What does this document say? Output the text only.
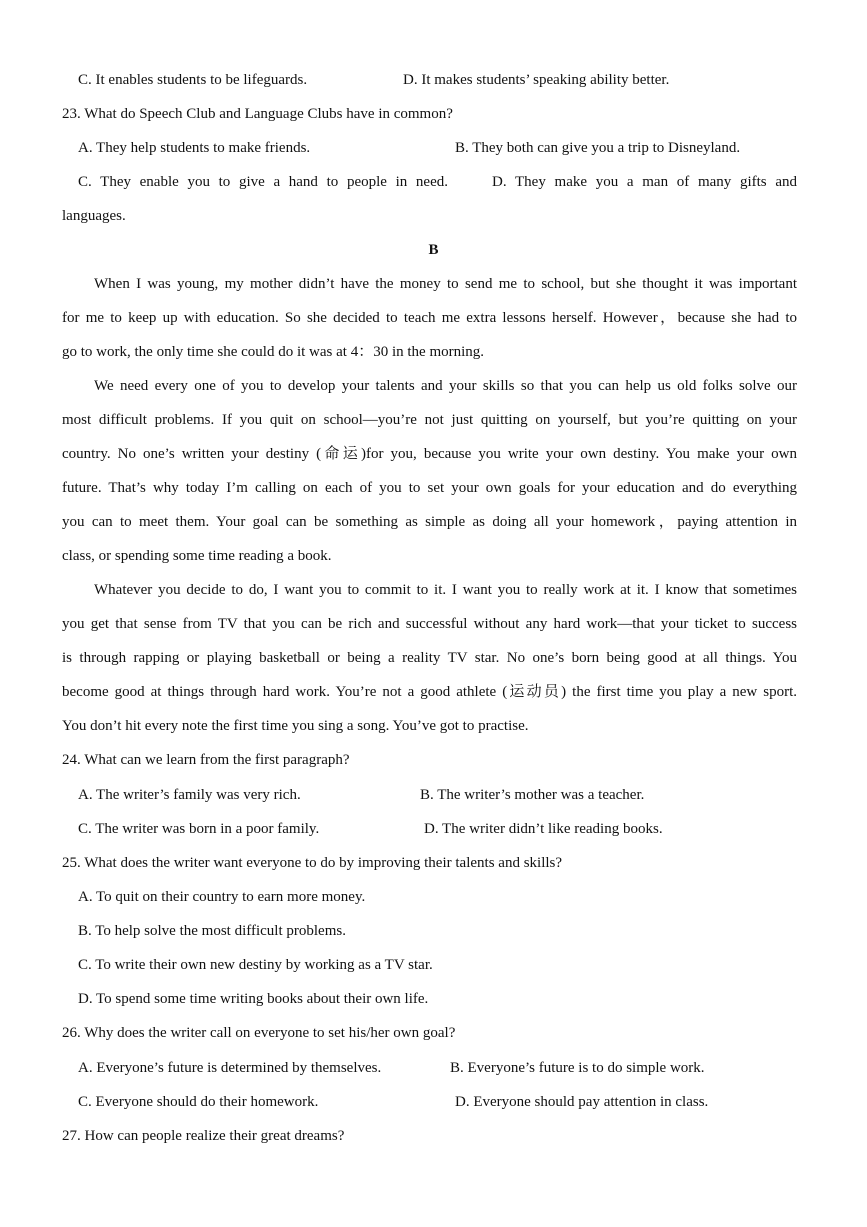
C. It enables students to be lifeguards.	D. It makes students’ speaking ability better.
23. What do Speech Club and Language Clubs have in common?
A. They help students to make friends.	B. They both can give you a trip to Disneyland.
C. They enable you to give a hand to people in need.	D. They make you a man of many gifts and
languages.
B
When I was young, my mother didn’t have the money to send me to school, but she thought it was important
for me to keep up with education. So she decided to teach me extra lessons herself. However，because she had to
go to work, the only time she could do it was at 4：30 in the morning.
We need every one of you to develop your talents and your skills so that you can help us old folks solve our
most difficult problems. If you quit on school—you’re not just quitting on yourself, but you’re quitting on your
country. No one’s written your destiny (命运)for you, because you write your own destiny. You make your own
future. That’s why today I’m calling on each of you to set your own goals for your education and do everything
you can to meet them. Your goal can be something as simple as doing all your homework，paying attention in
class, or spending some time reading a book.
Whatever you decide to do, I want you to commit to it. I want you to really work at it. I know that sometimes
you get that sense from TV that you can be rich and successful without any hard work—that your ticket to success
is through rapping or playing basketball or being a reality TV star. No one’s born being good at all things. You
become good at things through hard work. You’re not a good athlete (运动员) the first time you play a new sport.
You don’t hit every note the first time you sing a song. You’ve got to practise.
24. What can we learn from the first paragraph?
A. The writer’s family was very rich.	B. The writer’s mother was a teacher.
C. The writer was born in a poor family.	D. The writer didn’t like reading books.
25. What does the writer want everyone to do by improving their talents and skills?
A. To quit on their country to earn more money.
B. To help solve the most difficult problems.
C. To write their own new destiny by working as a TV star.
D. To spend some time writing books about their own life.
26. Why does the writer call on everyone to set his/her own goal?
A. Everyone’s future is determined by themselves.	B. Everyone’s future is to do simple work.
C. Everyone should do their homework.	D. Everyone should pay attention in class.
27. How can people realize their great dreams?
